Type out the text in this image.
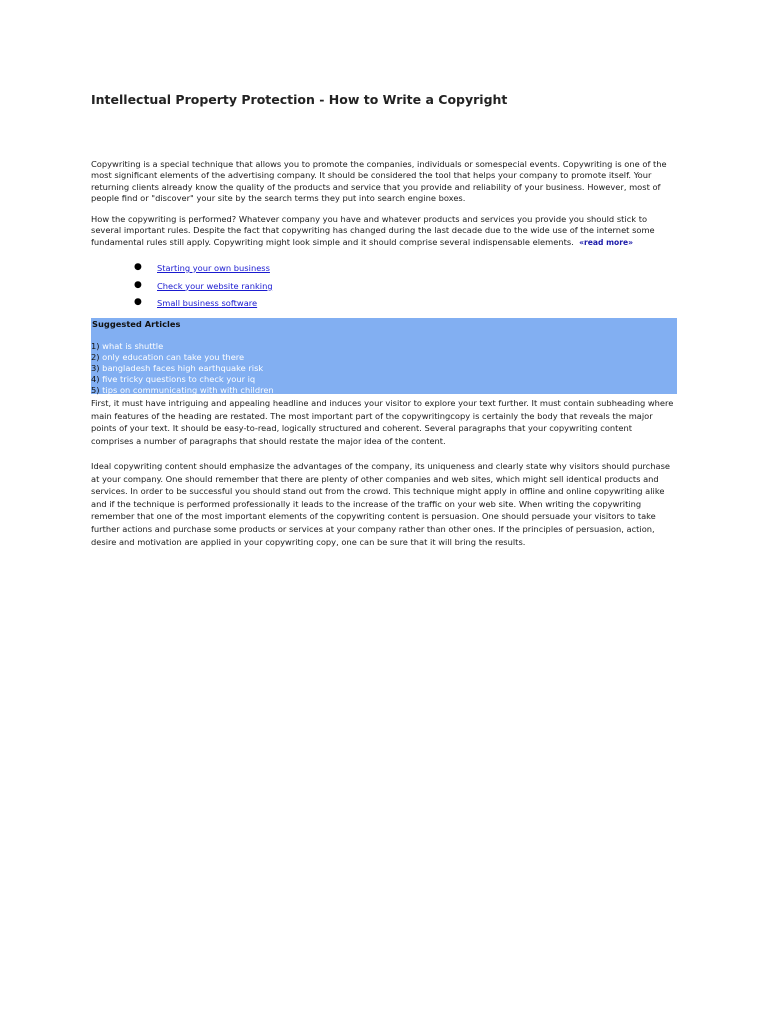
Intellectual Property Protection - How to Write a Copyright

Copywriting is a special technique that allows you to promote the companies, individuals or somespecial events. Copywriting is one of the most significant elements of the advertising company. It should be considered the tool that helps your company to promote itself. Your returning clients already know the quality of the products and service that you provide and reliability of your business. However, most of people find or "discover" your site by the search terms they put into search engine boxes.

How the copywriting is performed? Whatever company you have and whatever products and services you provide you should stick to several important rules. Despite the fact that copywriting has changed during the last decade due to the wide use of the internet some fundamental rules still apply. Copywriting might look simple and it should comprise several indispensable elements. «read more»

● Starting your own business
● Check your website ranking
● Small business software
Suggested Articles
1) what is shuttle
2) only education can take you there
3) bangladesh faces high earthquake risk
4) five tricky questions to check your iq
5) tips on communicating with with children

First, it must have intriguing and appealing headline and induces your visitor to explore your text further. It must contain subheading where main features of the heading are restated. The most important part of the copywritingcopy is certainly the body that reveals the major points of your text. It should be easy-to-read, logically structured and coherent. Several paragraphs that your copywriting content comprises a number of paragraphs that should restate the major idea of the content.

Ideal copywriting content should emphasize the advantages of the company, its uniqueness and clearly state why visitors should purchase at your company. One should remember that there are plenty of other companies and web sites, which might sell identical products and services. In order to be successful you should stand out from the crowd. This technique might apply in offline and online copywriting alike and if the technique is performed professionally it leads to the increase of the traffic on your web site. When writing the copywriting remember that one of the most important elements of the copywriting content is persuasion. One should persuade your visitors to take further actions and purchase some products or services at your company rather than other ones. If the principles of persuasion, action, desire and motivation are applied in your copywriting copy, one can be sure that it will bring the results.
